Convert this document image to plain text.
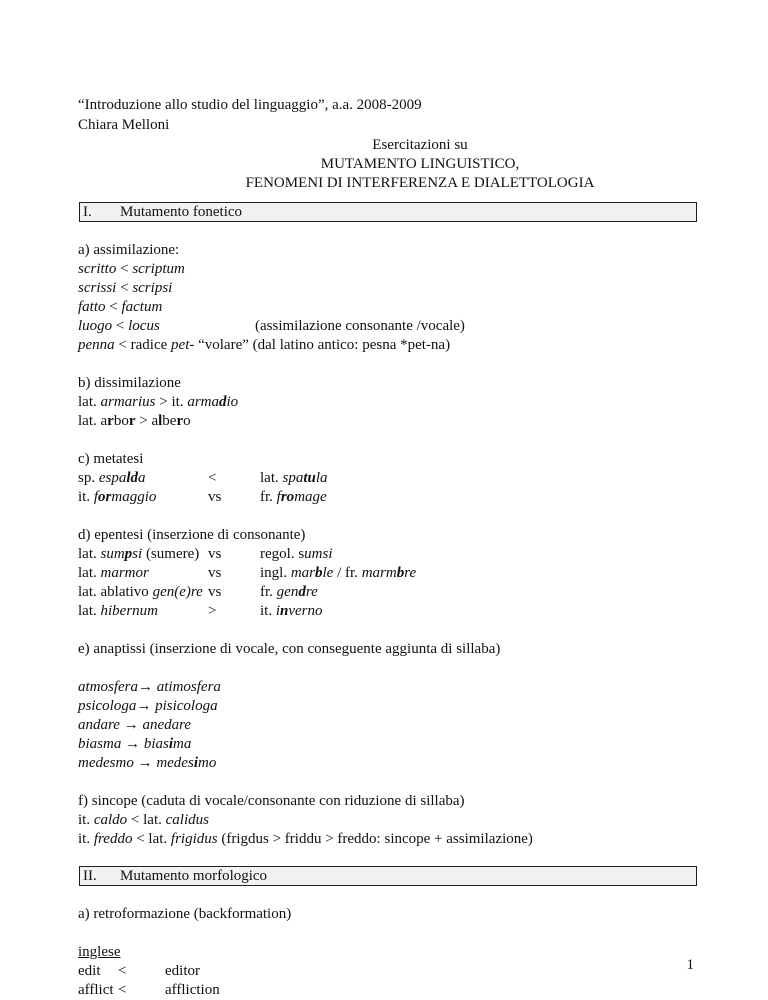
“Introduzione allo studio del linguaggio”, a.a. 2008-2009
Chiara Melloni
Esercitazioni su
MUTAMENTO LINGUISTICO,
FENOMENI DI INTERFERENZA E DIALETTOLOGIA
I. Mutamento fonetico
a) assimilazione:
scritto < scriptum
scrissi < scripsi
fatto < factum
luogo < locus	(assimilazione consonante /vocale)
penna < radice pet- “volare” (dal latino antico: pesna *pet-na)
b) dissimilazione
lat. armarius > it. armadio
lat. arbor > albero
c) metatesi
sp. espalda	<	lat. spatula
it. formaggio	vs	fr. fromage
d) epentesi (inserzione di consonante)
lat. sumpsi (sumere) vs	regol. sumsi
lat. marmor	vs	ingl. marble / fr. marmbre
lat. ablativo gen(e)re vs	fr. gendre
lat. hibernum	>	it. inverno
e) anaptissi (inserzione di vocale, con conseguente aggiunta di sillaba)
atmosfera→ atimosfera
psicologa→ pisicologa
andare → anedare
biasma → biasima
medesmo → medesimo
f) sincope (caduta di vocale/consonante con riduzione di sillaba)
it. caldo < lat. calidus
it. freddo < lat. frigidus (frigdus > friddu > freddo: sincope + assimilazione)
II. Mutamento morfologico
a) retroformazione (backformation)
inglese
edit <	editor
afflict <	affliction
1
